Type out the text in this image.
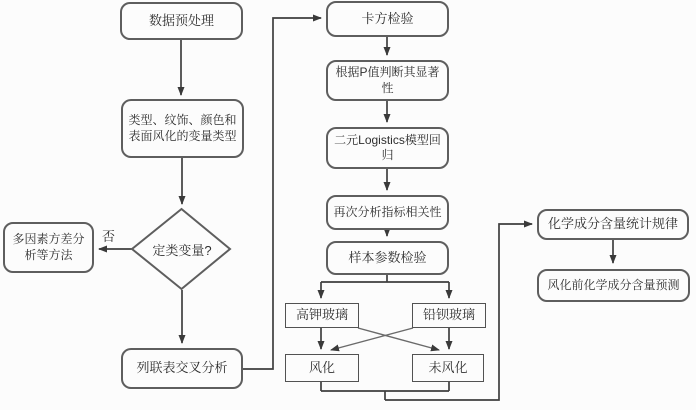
数据预处理
类型、纹饰、颜色和表面风化的变量类型
定类变量?
否
多因素方差分析等方法
列联表交叉分析
卡方检验
根据P值判断其显著性
二元Logistics模型回归
再次分析指标相关性
样本参数检验
高钾玻璃	铅钡玻璃
风化	未风化
化学成分含量统计规律
风化前化学成分含量预测
